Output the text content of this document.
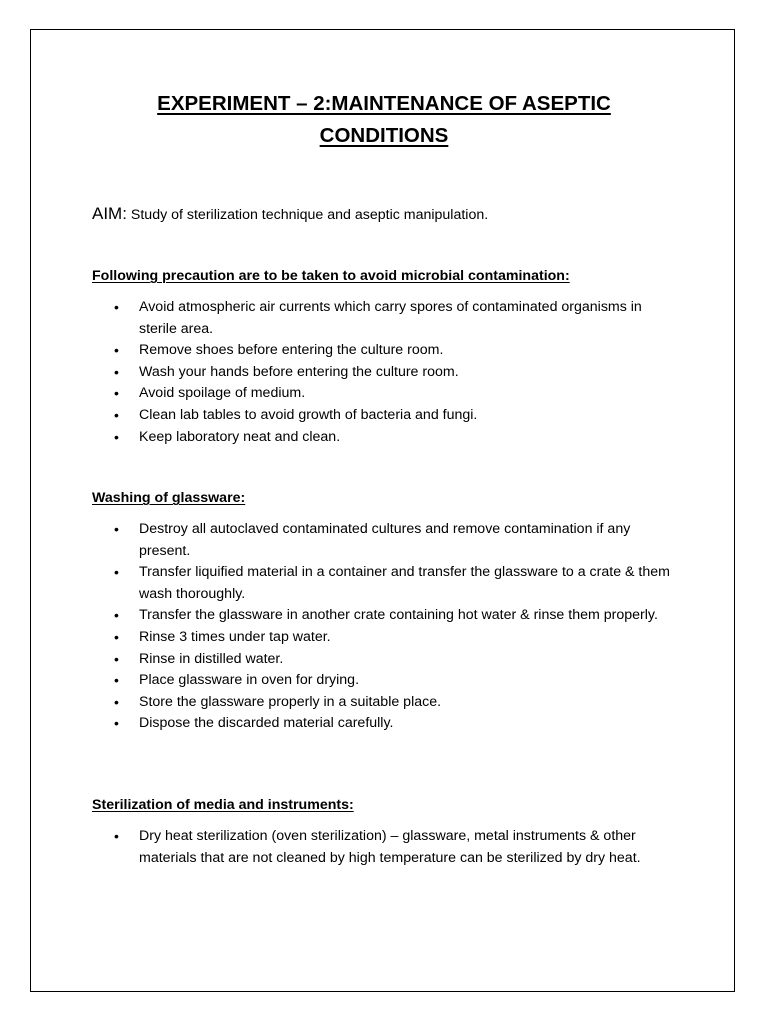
EXPERIMENT – 2:MAINTENANCE OF ASEPTIC
CONDITIONS
AIM: Study of sterilization technique and aseptic manipulation.
Following precaution are to be taken to avoid microbial contamination:
• Avoid atmospheric air currents which carry spores of contaminated organisms in sterile area.
• Remove shoes before entering the culture room.
• Wash your hands before entering the culture room.
• Avoid spoilage of medium.
• Clean lab tables to avoid growth of bacteria and fungi.
• Keep laboratory neat and clean.
Washing of glassware:
• Destroy all autoclaved contaminated cultures and remove contamination if any present.
• Transfer liquified material in a container and transfer the glassware to a crate & them wash thoroughly.
• Transfer the glassware in another crate containing hot water & rinse them properly.
• Rinse 3 times under tap water.
• Rinse in distilled water.
• Place glassware in oven for drying.
• Store the glassware properly in a suitable place.
• Dispose the discarded material carefully.
Sterilization of media and instruments:
• Dry heat sterilization (oven sterilization) – glassware, metal instruments & other materials that are not cleaned by high temperature can be sterilized by dry heat.
